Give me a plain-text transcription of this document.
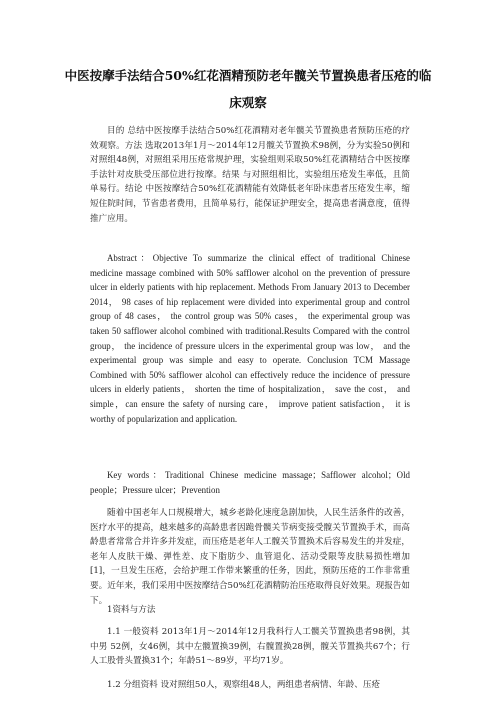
中医按摩手法结合50%红花酒精预防老年髋关节置换患者压疮的临
床观察
目的 总结中医按摩手法结合50%红花酒精对老年髋关节置换患者预防压疮的疗效观察。方法 选取2013年1月～2014年12月髋关节置换术98例，分为实验50例和对照组48例，对照组采用压疮常规护理，实验组则采取50%红花酒精结合中医按摩手法针对皮肤受压部位进行按摩。结果 与对照组相比，实验组压疮发生率低，且简单易行。结论 中医按摩结合50%红花酒精能有效降低老年卧床患者压疮发生率，缩短住院时间，节省患者费用，且简单易行，能保证护理安全，提高患者满意度，值得推广应用。
Abstract：Objective To summarize the clinical effect of traditional Chinese medicine massage combined with 50% safflower alcohol on the prevention of pressure ulcer in elderly patients with hip replacement. Methods From January 2013 to December 2014， 98 cases of hip replacement were divided into experimental group and control group of 48 cases， the control group was 50% cases， the experimental group was taken 50 safflower alcohol combined with traditional.Results Compared with the control group， the incidence of pressure ulcers in the experimental group was low， and the experimental group was simple and easy to operate. Conclusion TCM Massage Combined with 50% safflower alcohol can effectively reduce the incidence of pressure ulcers in elderly patients， shorten the time of hospitalization， save the cost， and simple，can ensure the safety of nursing care， improve patient satisfaction， it is worthy of popularization and application.
Key words：Traditional Chinese medicine massage；Safflower alcohol；Old people；Pressure ulcer；Prevention
随着中国老年人口规模增大，城乡老龄化速度急剧加快，人民生活条件的改善，医疗水平的提高，越来越多的高龄患者因跪骨髋关节病变接受髋关节置换手术，而高龄患者常常合并许多并发症，而压疮是老年人工髋关节置换术后容易发生的并发症，老年人皮肤干燥、弹性差、皮下脂肪少、血管退化、活动受限等皮肤易损性增加[1]，一旦发生压疮，会给护理工作带来繁重的任务，因此，预防压疮的工作非常重要。近年来，我们采用中医按摩结合50%红花酒精防治压疮取得良好效果。现报告如下。
1资料与方法
1.1 一般资料 2013年1月～2014年12月我科行人工髋关节置换患者98例，其中男 52例，女46例，其中左髋置换39例，右髋置换28例，髋关节置换共67个；行人工股骨头置换31个；年龄51～89岁，平均71岁。
1.2 分组资料 设对照组50人，观察组48人，两组患者病情、年龄、压疮
